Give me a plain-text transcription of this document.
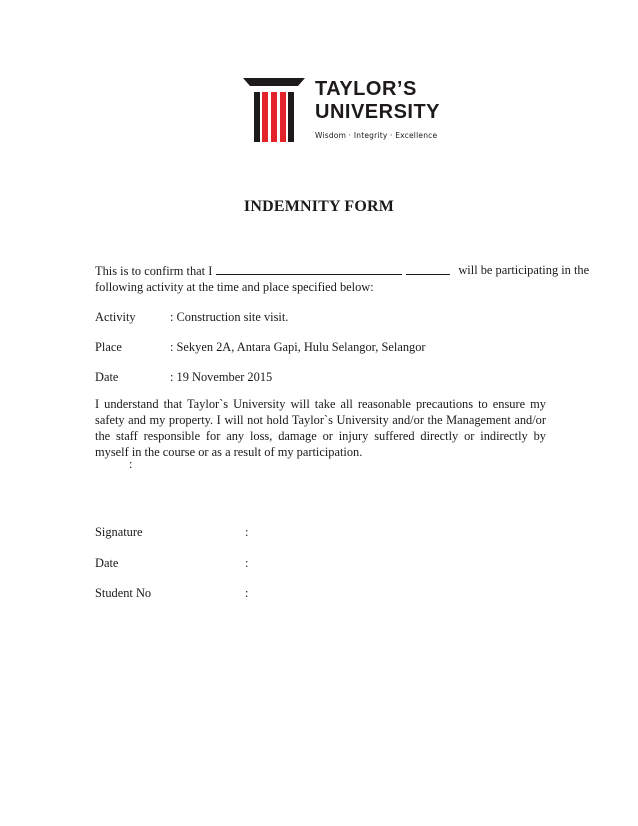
TAYLOR’S
UNIVERSITY
Wisdom · Integrity · Excellence
INDEMNITY FORM
This is to confirm that I	will be participating in the
following activity at the time and place specified below:
Activity	: Construction site visit.
Place	: Sekyen 2A, Antara Gapi, Hulu Selangor, Selangor
Date	: 19 November 2015
I understand that Taylor`s University will take all reasonable precautions to ensure my safety and my property. I will not hold Taylor`s University and/or the Management and/or the staff responsible for any loss, damage or injury suffered directly or indirectly by myself in the course or as a result of my participation.
:
Signature	:
Date	:
Student No	:
